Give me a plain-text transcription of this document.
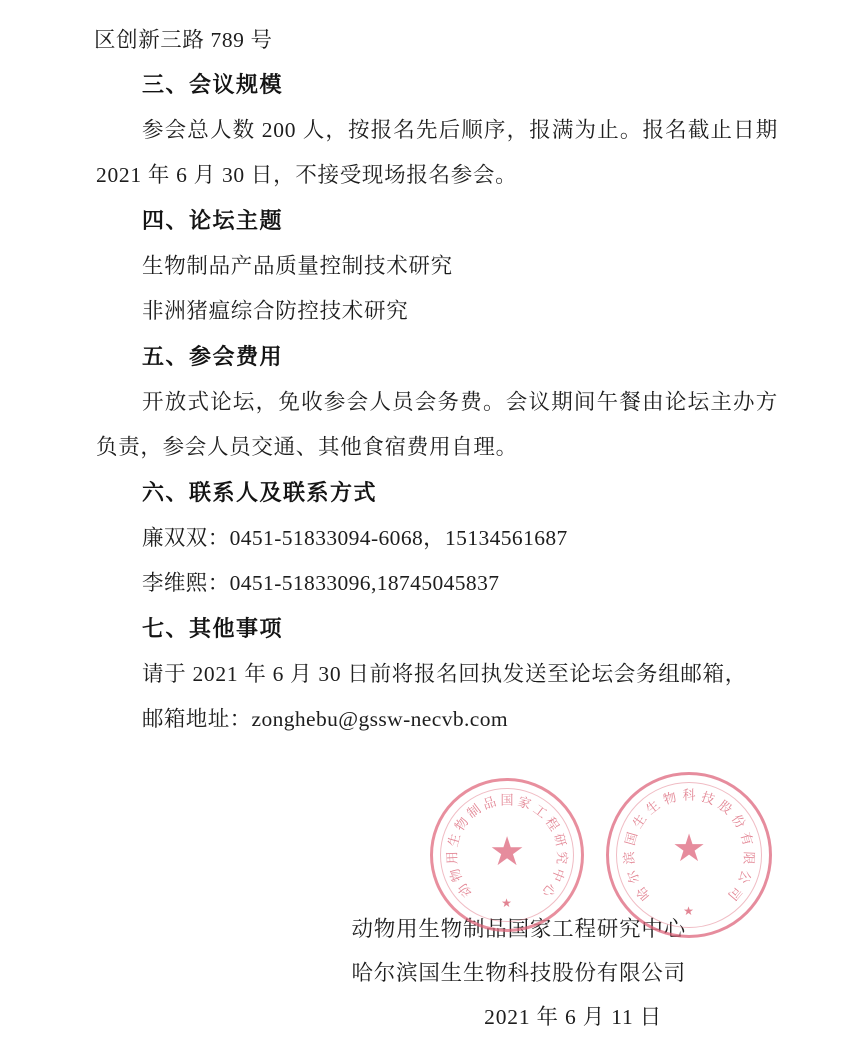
区创新三路 789 号
三、会议规模
参会总人数 200 人，按报名先后顺序，报满为止。报名截止日期 2021 年 6 月 30 日，不接受现场报名参会。
四、论坛主题
生物制品产品质量控制技术研究
非洲猪瘟综合防控技术研究
五、参会费用
开放式论坛，免收参会人员会务费。会议期间午餐由论坛主办方负责，参会人员交通、其他食宿费用自理。
六、联系人及联系方式
廉双双：0451-51833094-6068，15134561687
李维熙：0451-51833096,18745045837
七、其他事项
请于 2021 年 6 月 30 日前将报名回执发送至论坛会务组邮箱，
邮箱地址：zonghebu@gssw-necvb.com
动物用生物制品国家工程研究中心
哈尔滨国生生物科技股份有限公司
2021 年 6 月 11 日
★
动
物
用
生
物
制
品 国 家
工
程
研
究
中
心
★
★
哈
尔
滨
国
生
生
物 科 技
股
份
有
限
公
司
★
